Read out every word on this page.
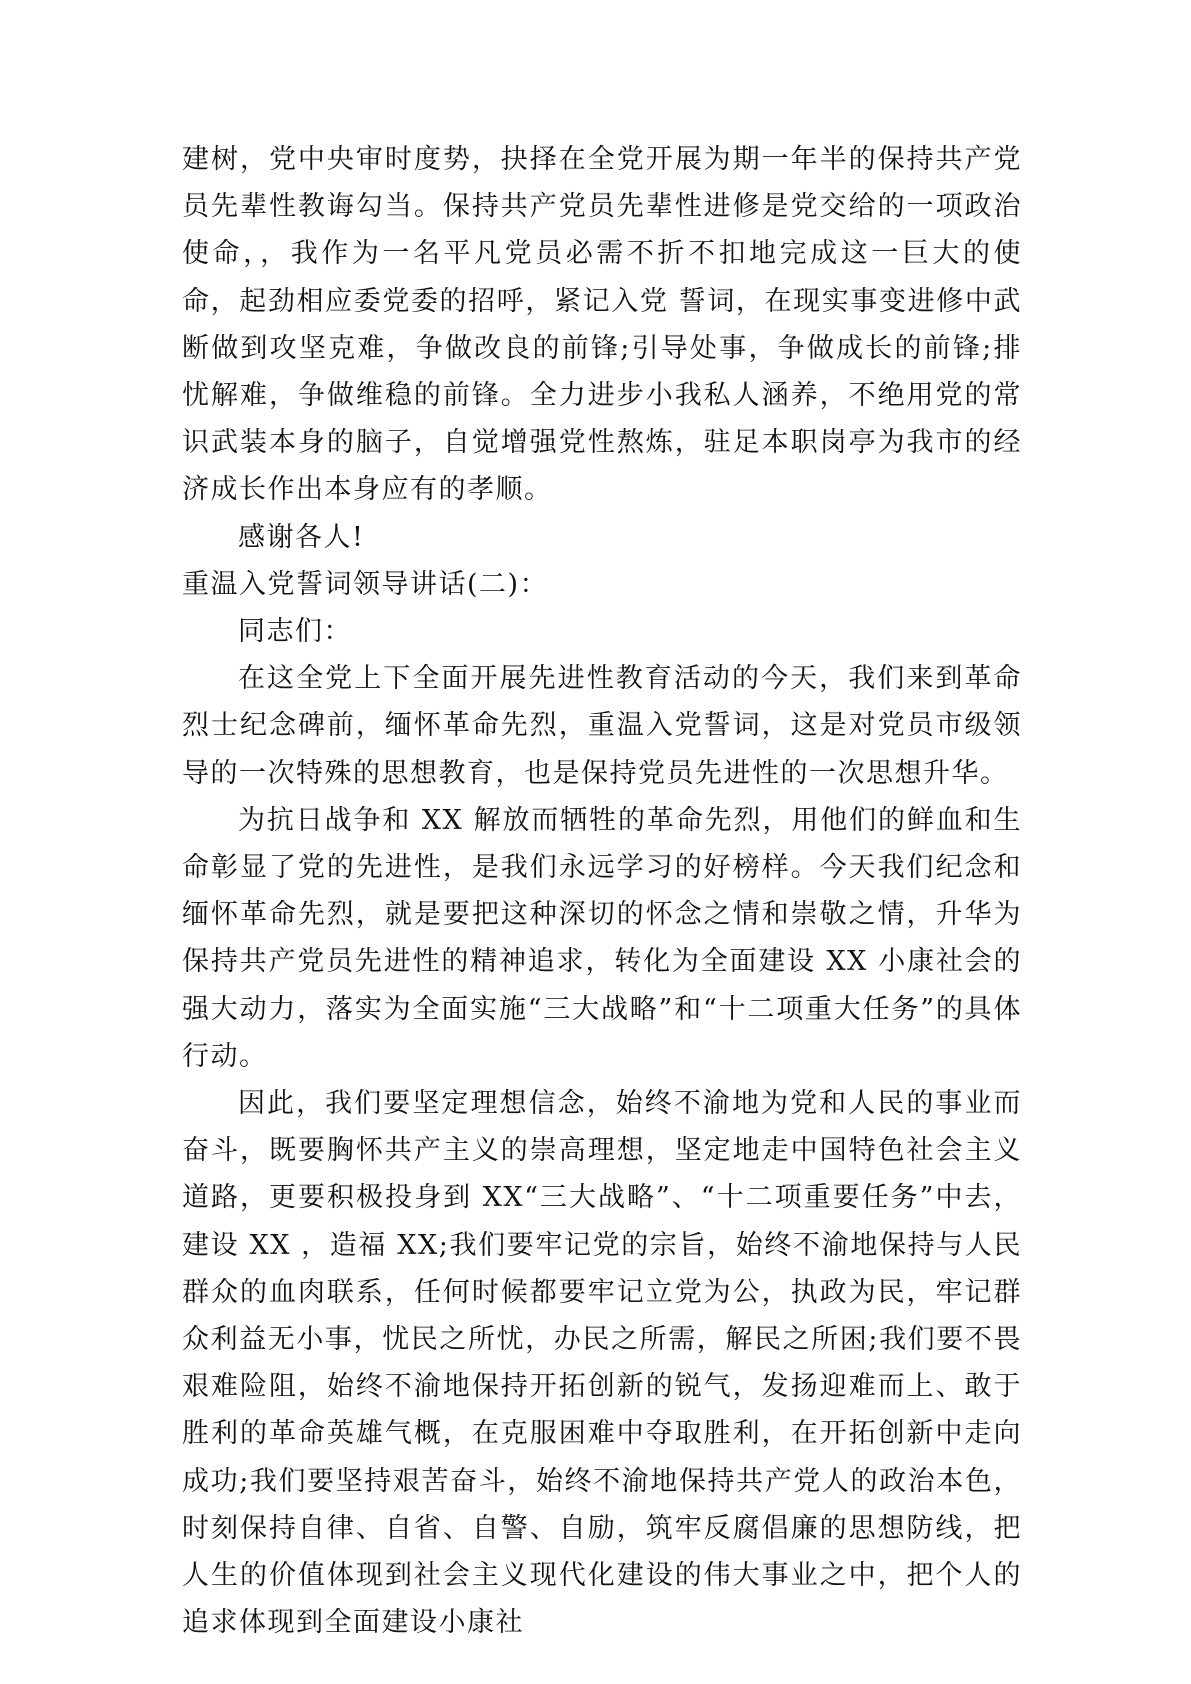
建树，党中央审时度势，抉择在全党开展为期一年半的保持共产党员先辈性教诲勾当。保持共产党员先辈性进修是党交给的一项政治使命，，我作为一名平凡党员必需不折不扣地完成这一巨大的使命，起劲相应委党委的招呼，紧记入党 誓词，在现实事变进修中武断做到攻坚克难，争做改良的前锋;引导处事，争做成长的前锋;排忧解难，争做维稳的前锋。全力进步小我私人涵养，不绝用党的常识武装本身的脑子，自觉增强党性熬炼，驻足本职岗亭为我市的经济成长作出本身应有的孝顺。

感谢各人!

重温入党誓词领导讲话(二)：

同志们：

在这全党上下全面开展先进性教育活动的今天，我们来到革命烈士纪念碑前，缅怀革命先烈，重温入党誓词，这是对党员市级领导的一次特殊的思想教育，也是保持党员先进性的一次思想升华。

为抗日战争和 XX 解放而牺牲的革命先烈，用他们的鲜血和生命彰显了党的先进性，是我们永远学习的好榜样。今天我们纪念和缅怀革命先烈，就是要把这种深切的怀念之情和崇敬之情，升华为保持共产党员先进性的精神追求，转化为全面建设 XX 小康社会的强大动力，落实为全面实施“三大战略”和“十二项重大任务”的具体行动。

因此，我们要坚定理想信念，始终不渝地为党和人民的事业而奋斗，既要胸怀共产主义的崇高理想，坚定地走中国特色社会主义道路，更要积极投身到 XX“三大战略”、“十二项重要任务”中去，建设 XX ，造福 XX;我们要牢记党的宗旨，始终不渝地保持与人民群众的血肉联系，任何时候都要牢记立党为公，执政为民，牢记群众利益无小事，忧民之所忧，办民之所需，解民之所困;我们要不畏艰难险阻，始终不渝地保持开拓创新的锐气，发扬迎难而上、敢于胜利的革命英雄气概，在克服困难中夺取胜利，在开拓创新中走向成功;我们要坚持艰苦奋斗，始终不渝地保持共产党人的政治本色，时刻保持自律、自省、自警、自励，筑牢反腐倡廉的思想防线，把人生的价值体现到社会主义现代化建设的伟大事业之中，把个人的追求体现到全面建设小康社
